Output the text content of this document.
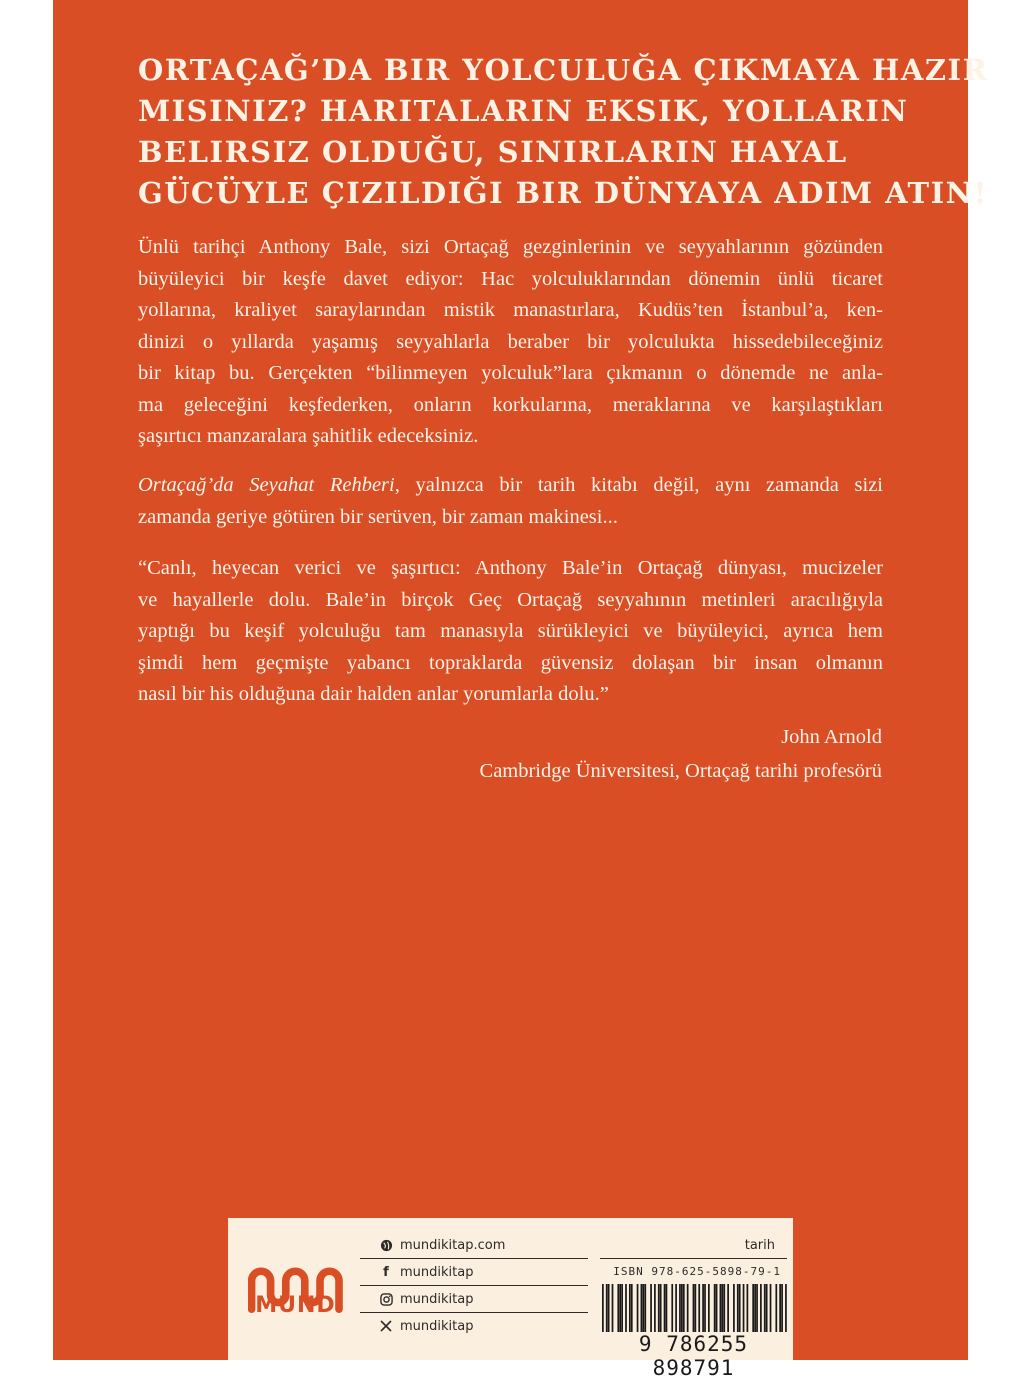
ORTAÇAĞ’DA BIR YOLCULUĞA ÇIKMAYA HAZIR
MISINIZ? HARITALARIN EKSIK, YOLLARIN
BELIRSIZ OLDUĞU, SINIRLARIN HAYAL
GÜCÜYLE ÇIZILDIĞI BIR DÜNYAYA ADIM ATIN!
Ünlü tarihçi Anthony Bale, sizi Ortaçağ gezginlerinin ve seyyahlarının gözünden
büyüleyici bir keşfe davet ediyor: Hac yolculuklarından dönemin ünlü ticaret
yollarına, kraliyet saraylarından mistik manastırlara, Kudüs’ten İstanbul’a, ken-
dinizi o yıllarda yaşamış seyyahlarla beraber bir yolculukta hissedebileceğiniz
bir kitap bu. Gerçekten “bilinmeyen yolculuk”lara çıkmanın o dönemde ne anla-
ma geleceğini keşfederken, onların korkularına, meraklarına ve karşılaştıkları
şaşırtıcı manzaralara şahitlik edeceksiniz.
Ortaçağ’da Seyahat Rehberi, yalnızca bir tarih kitabı değil, aynı zamanda sizi
zamanda geriye götüren bir serüven, bir zaman makinesi...
“Canlı, heyecan verici ve şaşırtıcı: Anthony Bale’in Ortaçağ dünyası, mucizeler
ve hayallerle dolu. Bale’in birçok Geç Ortaçağ seyyahının metinleri aracılığıyla
yaptığı bu keşif yolculuğu tam manasıyla sürükleyici ve büyüleyici, ayrıca hem
şimdi hem geçmişte yabancı topraklarda güvensiz dolaşan bir insan olmanın
nasıl bir his olduğuna dair halden anlar yorumlarla dolu.”
John Arnold
Cambridge Üniversitesi, Ortaçağ tarihi profesörü
MUNDI
mundikitap.com
f mundikitap
mundikitap
mundikitap
tarih
ISBN 978-625-5898-79-1
9 786255 898791
